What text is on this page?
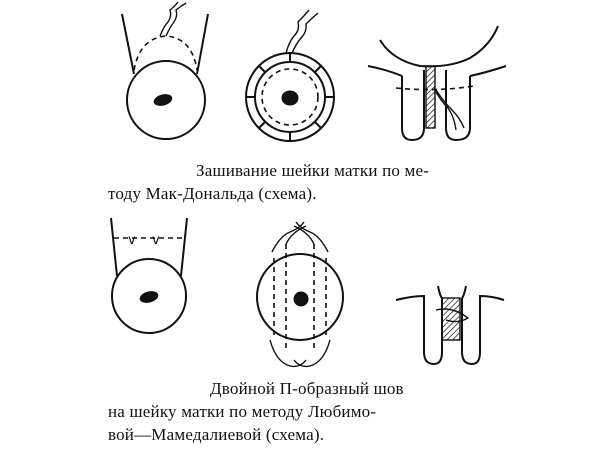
v v
Зашивание шейки матки по ме-
тоду Мак-Дональда (схема).
Двойной П-образный шов
на шейку матки по методу Любимо-
вой—Мамедалиевой (схема).
